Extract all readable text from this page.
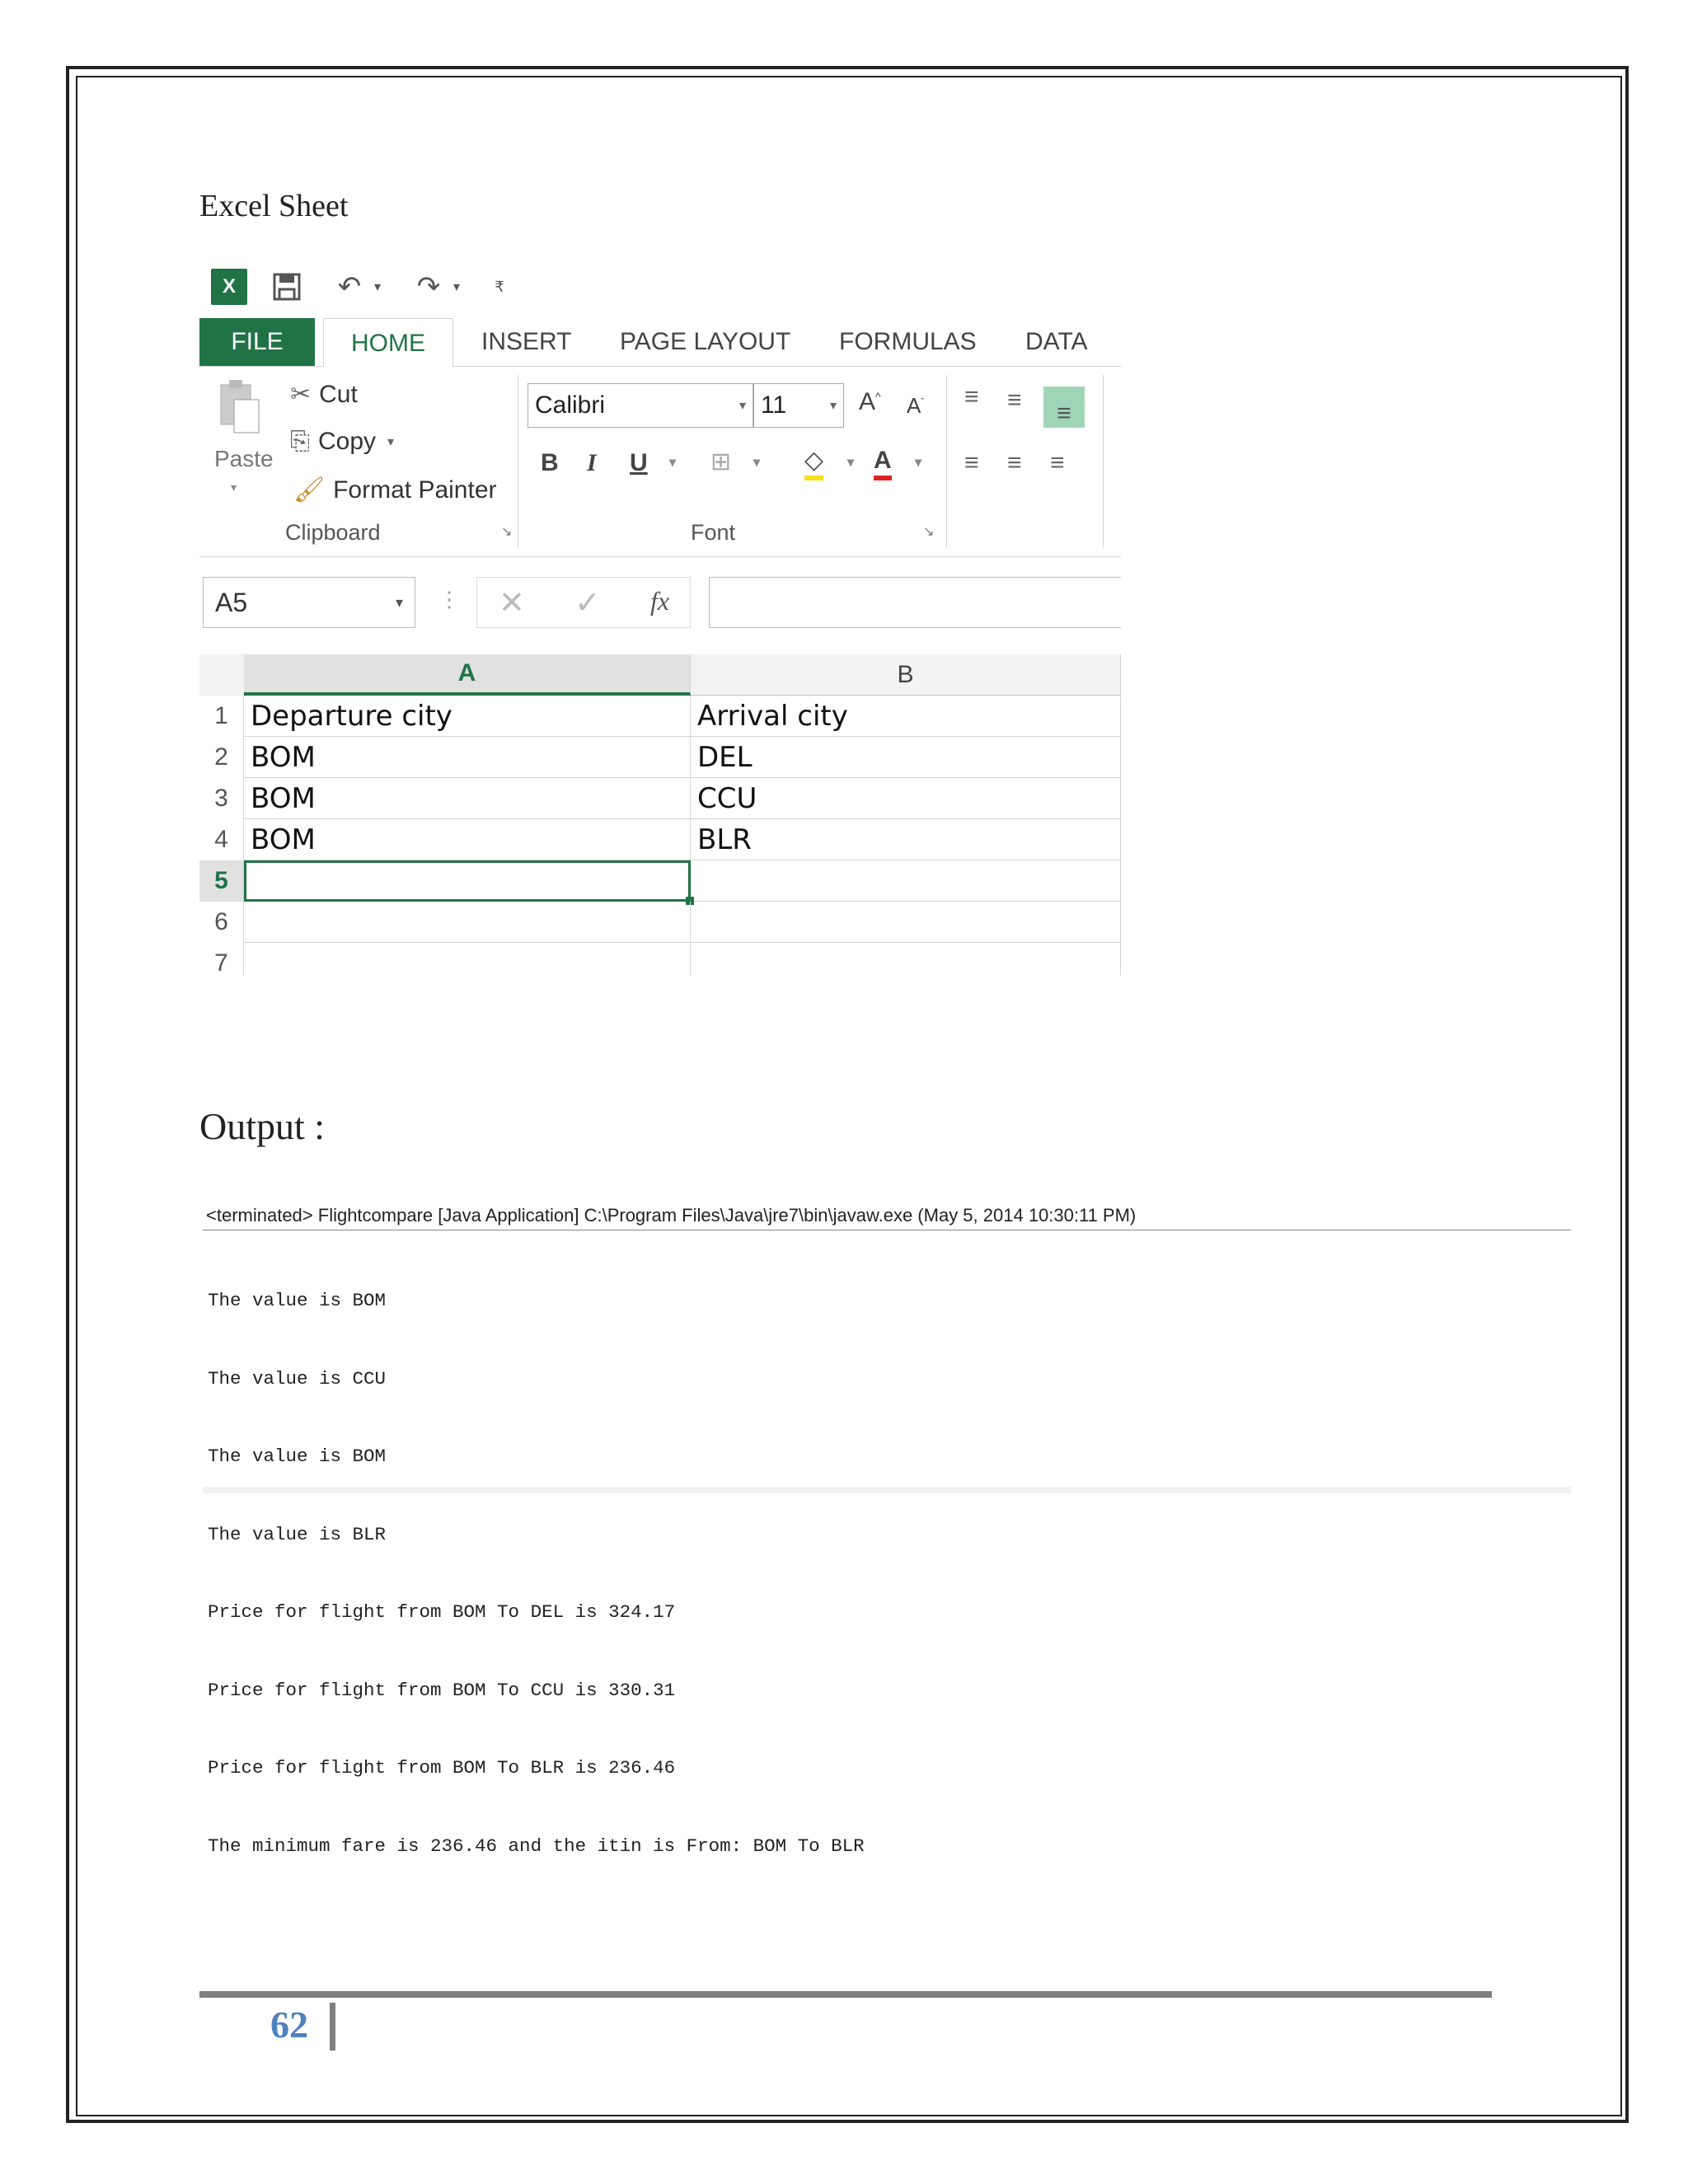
Excel Sheet
X	↶ ▾ ↷ ▾	₹
FILE	HOME	INSERT PAGE LAYOUT FORMULAS DATA
Paste
▾
✂ Cut
⎘ Copy ▾
🖌 Format Painter
Clipboard	↘
Calibri	▾ 11	▾ A^ $A^ˇ$
B I U ▾ ⊞ ▾ ◇ ▾ A ▾
Font	↘
≡ ≡	≡
≡ ≡ ≡
A5	▾ ⋮ ✕ ✓ fx
A	B
1 Departure city	Arrival city
2 BOM	DEL
3 BOM	CCU
4 BOM	BLR
5
6
7
Output :
<terminated> Flightcompare [Java Application] C:\Program Files\Java\jre7\bin\javaw.exe (May 5, 2014 10:30:11 PM)

The value is BOM

The value is CCU

The value is BOM

The value is BLR

Price for flight from BOM To DEL is 324.17

Price for flight from BOM To CCU is 330.31

Price for flight from BOM To BLR is 236.46

The minimum fare is 236.46 and the itin is From: BOM To BLR

62
